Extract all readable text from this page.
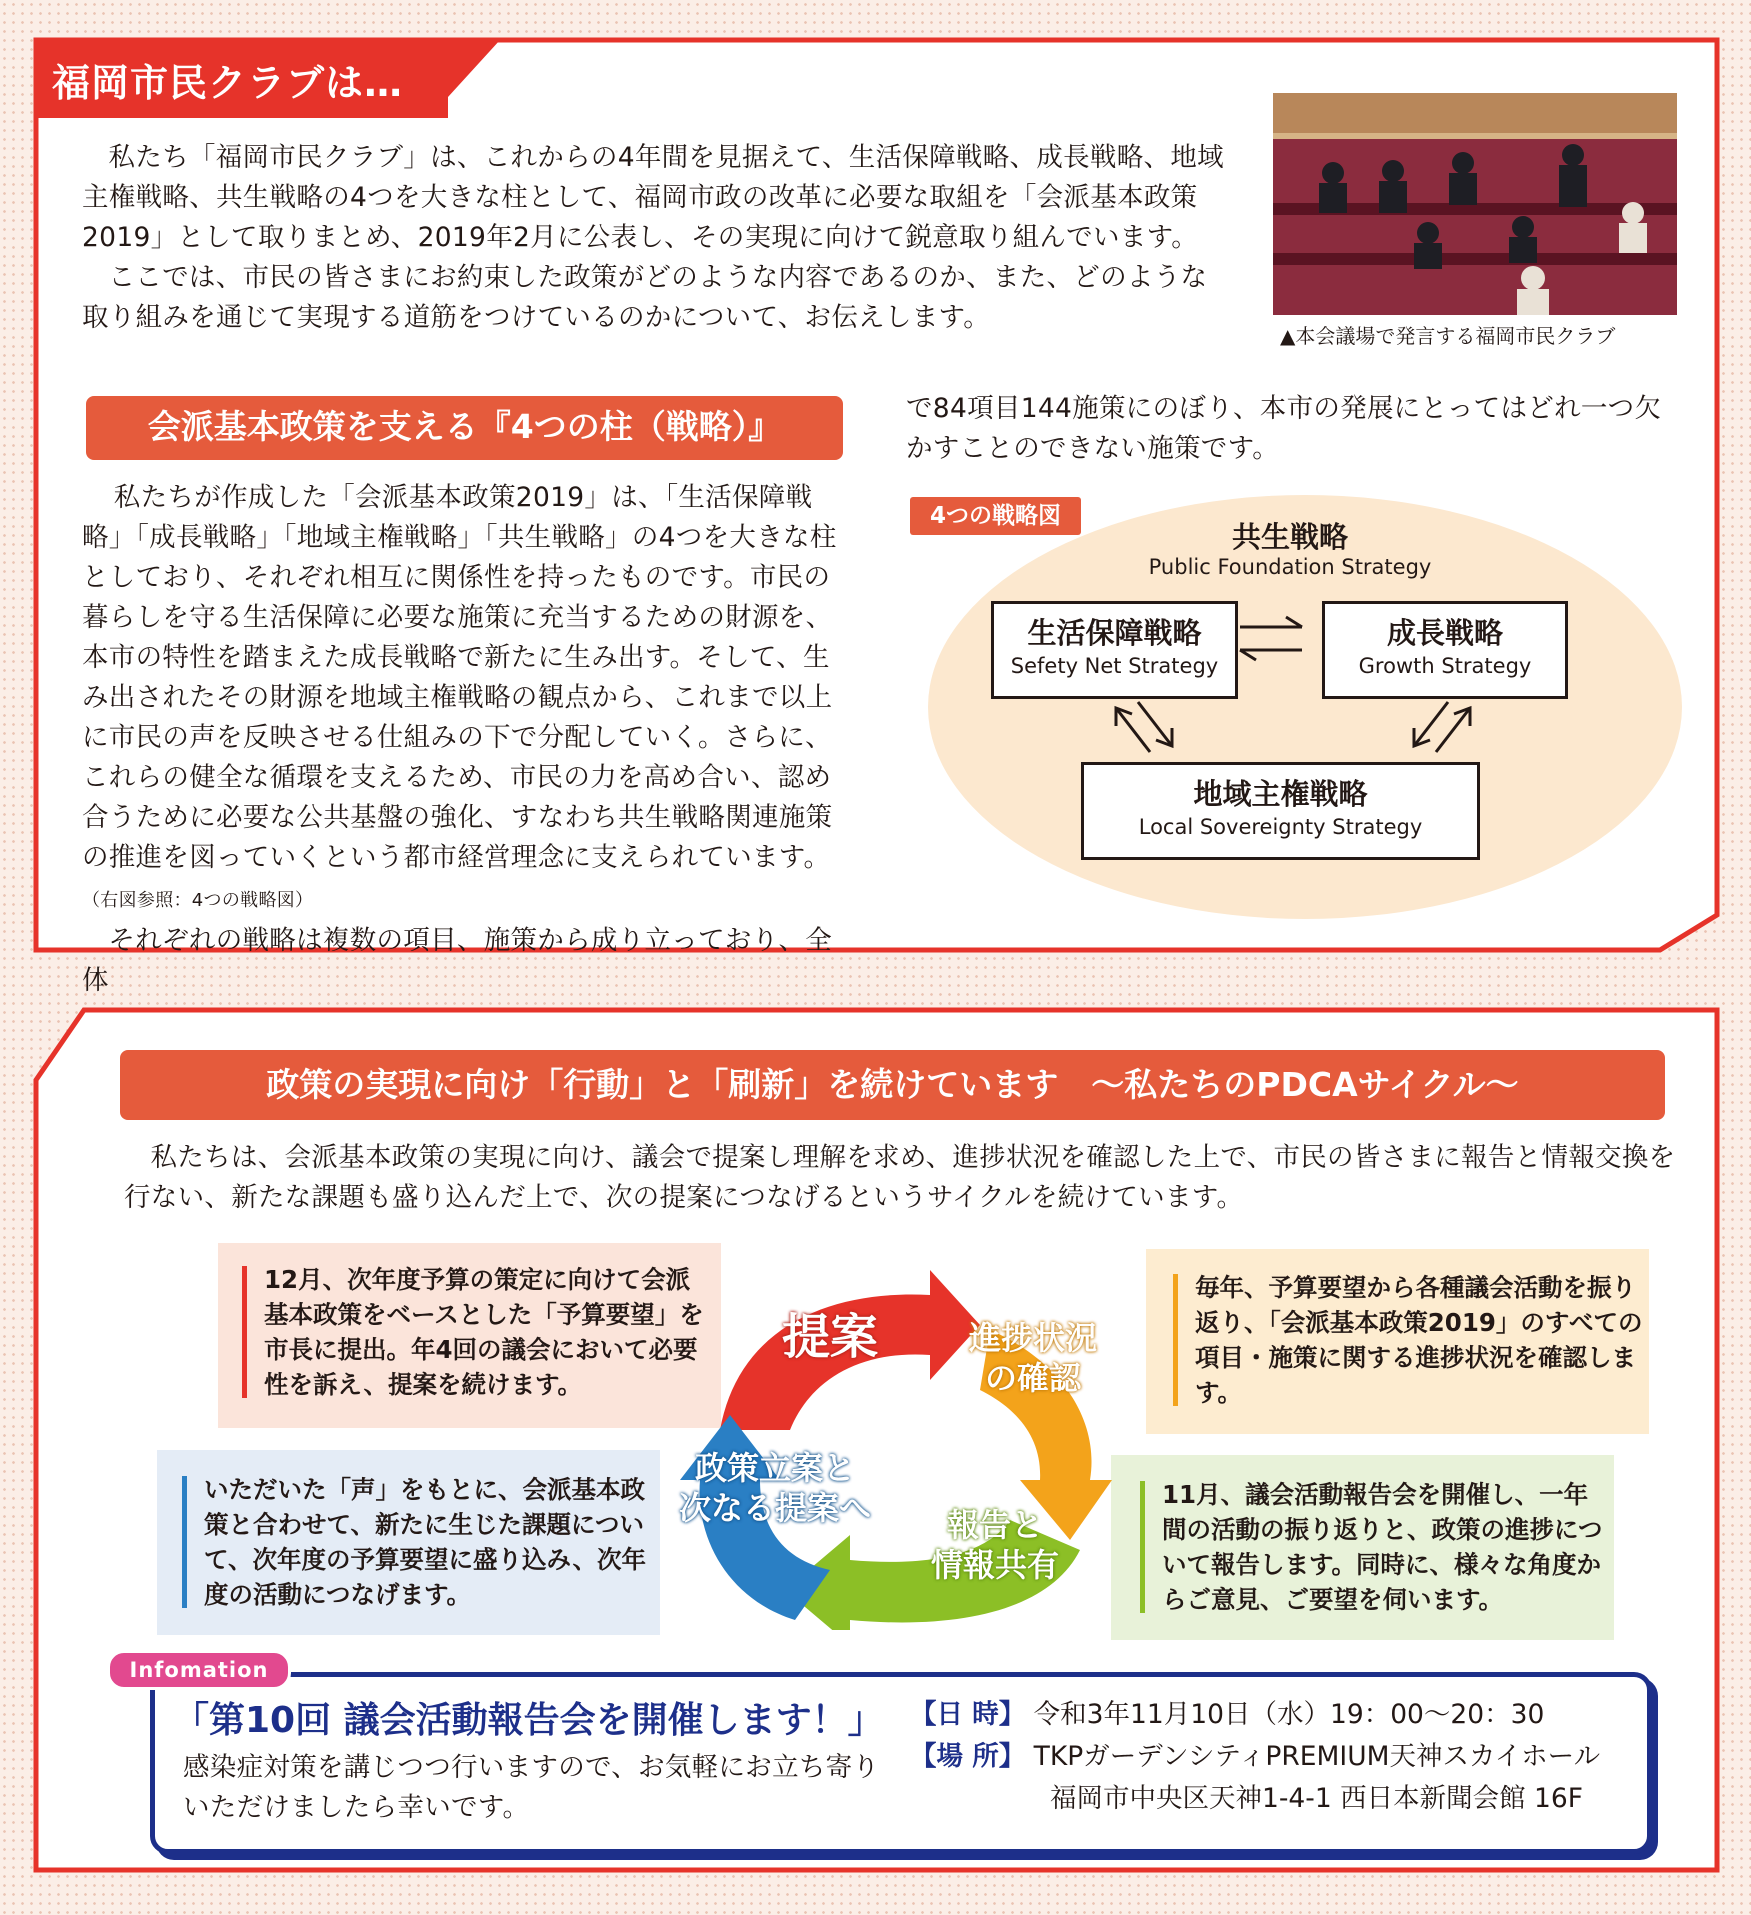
福岡市民クラブは…

私たち「福岡市民クラブ」は、これからの4年間を見据えて、生活保障戦略、成長戦略、地域主権戦略、共生戦略の4つを大きな柱として、福岡市政の改革に必要な取組を「会派基本政策2019」として取りまとめ、2019年2月に公表し、その実現に向けて鋭意取り組んでいます。

ここでは、市民の皆さまにお約束した政策がどのような内容であるのか、また、どのような取り組みを通じて実現する道筋をつけているのかについて、お伝えします。

▲本会議場で発言する福岡市民クラブ
会派基本政策を支える『4つの柱（戦略）』

私たちが作成した「会派基本政策2019」は、「生活保障戦略」「成長戦略」「地域主権戦略」「共生戦略」の4つを大きな柱としており、それぞれ相互に関係性を持ったものです。市民の暮らしを守る生活保障に必要な施策に充当するための財源を、本市の特性を踏まえた成長戦略で新たに生み出す。そして、生み出されたその財源を地域主権戦略の観点から、これまで以上に市民の声を反映させる仕組みの下で分配していく。さらに、これらの健全な循環を支えるため、市民の力を高め合い、認め合うために必要な公共基盤の強化、すなわち共生戦略関連施策の推進を図っていくという都市経営理念に支えられています。（右図参照：4つの戦略図）

それぞれの戦略は複数の項目、施策から成り立っており、全体

で84項目144施策にのぼり、本市の発展にとってはどれ一つ欠かすことのできない施策です。
4つの戦略図
共生戦略
Public Foundation Strategy
生活保障戦略
Sefety Net Strategy
成長戦略
Growth Strategy
地域主権戦略
Local Sovereignty Strategy
政策の実現に向け「行動」と「刷新」を続けています　～私たちのPDCAサイクル～

私たちは、会派基本政策の実現に向け、議会で提案し理解を求め、進捗状況を確認した上で、市民の皆さまに報告と情報交換を行ない、新たな課題も盛り込んだ上で、次の提案につなげるというサイクルを続けています。

12月、次年度予算の策定に向けて会派基本政策をベースとした「予算要望」を市長に提出。年4回の議会において必要性を訴え、提案を続けます。
毎年、予算要望から各種議会活動を振り返り、「会派基本政策2019」のすべての項目・施策に関する進捗状況を確認します。
いただいた「声」をもとに、会派基本政策と合わせて、新たに生じた課題について、次年度の予算要望に盛り込み、次年度の活動につなげます。
11月、議会活動報告会を開催し、一年間の活動の振り返りと、政策の進捗について報告します。同時に、様々な角度からご意見、ご要望を伺います。
提案	進捗状況
の確認
報告と
情報共有
政策立案と
次なる提案へ
Infomation
「第10回 議会活動報告会を開催します！」
感染症対策を講じつつ行いますので、お気軽にお立ち寄りいただけましたら幸いです。
【日 時】 令和3年11月10日（水）19：00～20：30
【場 所】 TKPガーデンシティPREMIUM天神スカイホール
福岡市中央区天神1-4-1 西日本新聞会館 16F
